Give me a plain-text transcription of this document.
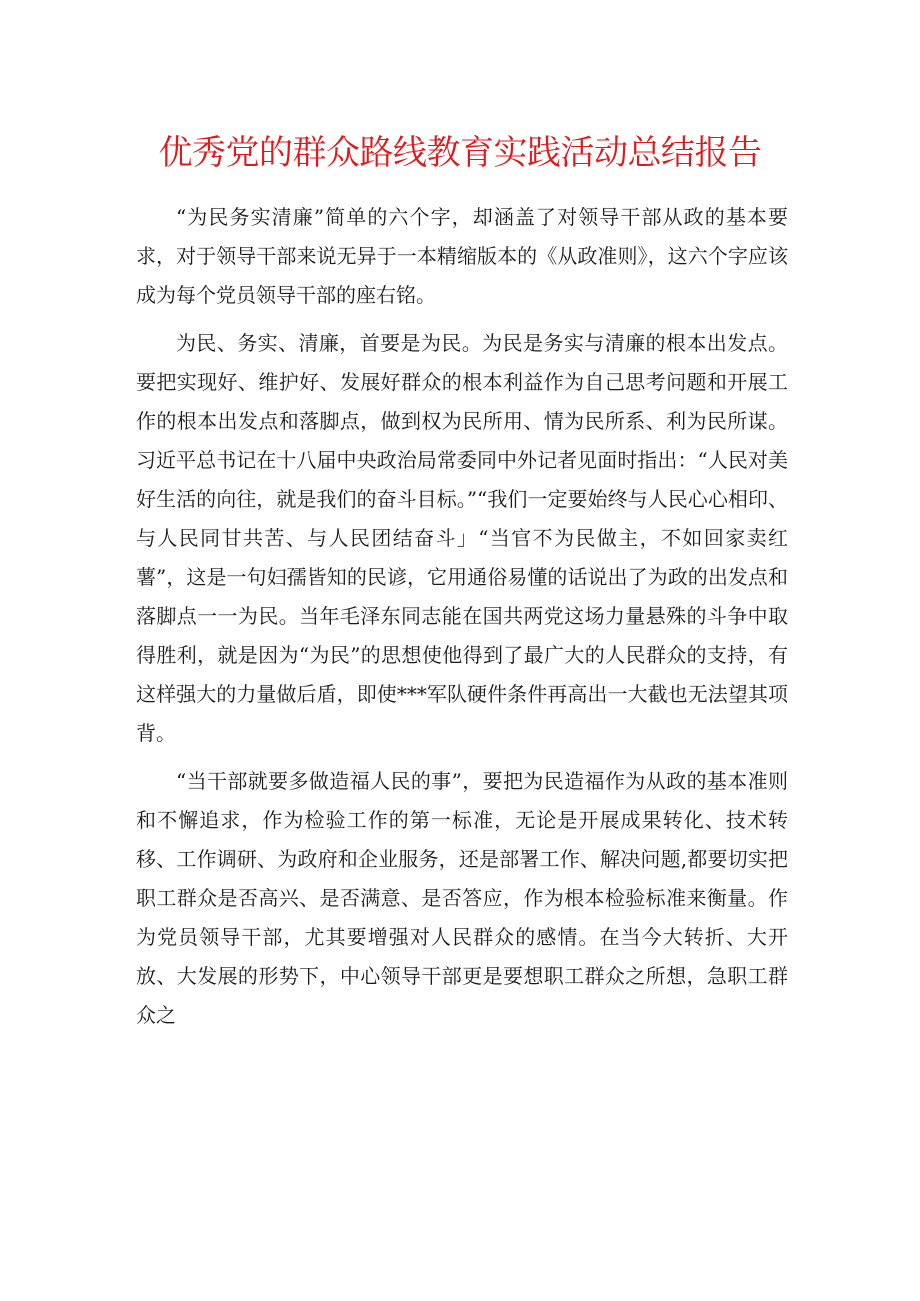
优秀党的群众路线教育实践活动总结报告

“为民务实清廉”简单的六个字，却涵盖了对领导干部从政的基本要求，对于领导干部来说无异于一本精缩版本的《从政准则》，这六个字应该成为每个党员领导干部的座右铭。

为民、务实、清廉，首要是为民。为民是务实与清廉的根本出发点。要把实现好、维护好、发展好群众的根本利益作为自己思考问题和开展工作的根本出发点和落脚点，做到权为民所用、情为民所系、利为民所谋。习近平总书记在十八届中央政治局常委同中外记者见面时指出：“人民对美好生活的向往，就是我们的奋斗目标。”“我们一定要始终与人民心心相印、与人民同甘共苦、与人民团结奋斗」“当官不为民做主，不如回家卖红薯”，这是一句妇孺皆知的民谚，它用通俗易懂的话说出了为政的出发点和落脚点一一为民。当年毛泽东同志能在国共两党这场力量悬殊的斗争中取得胜利，就是因为“为民”的思想使他得到了最广大的人民群众的支持，有这样强大的力量做后盾，即使***军队硬件条件再高出一大截也无法望其项背。

“当干部就要多做造福人民的事”，要把为民造福作为从政的基本准则和不懈追求，作为检验工作的第一标准，无论是开展成果转化、技术转移、工作调研、为政府和企业服务，还是部署工作、解决问题,都要切实把职工群众是否高兴、是否满意、是否答应，作为根本检验标准来衡量。作为党员领导干部，尤其要增强对人民群众的感情。在当今大转折、大开放、大发展的形势下，中心领导干部更是要想职工群众之所想，急职工群众之
